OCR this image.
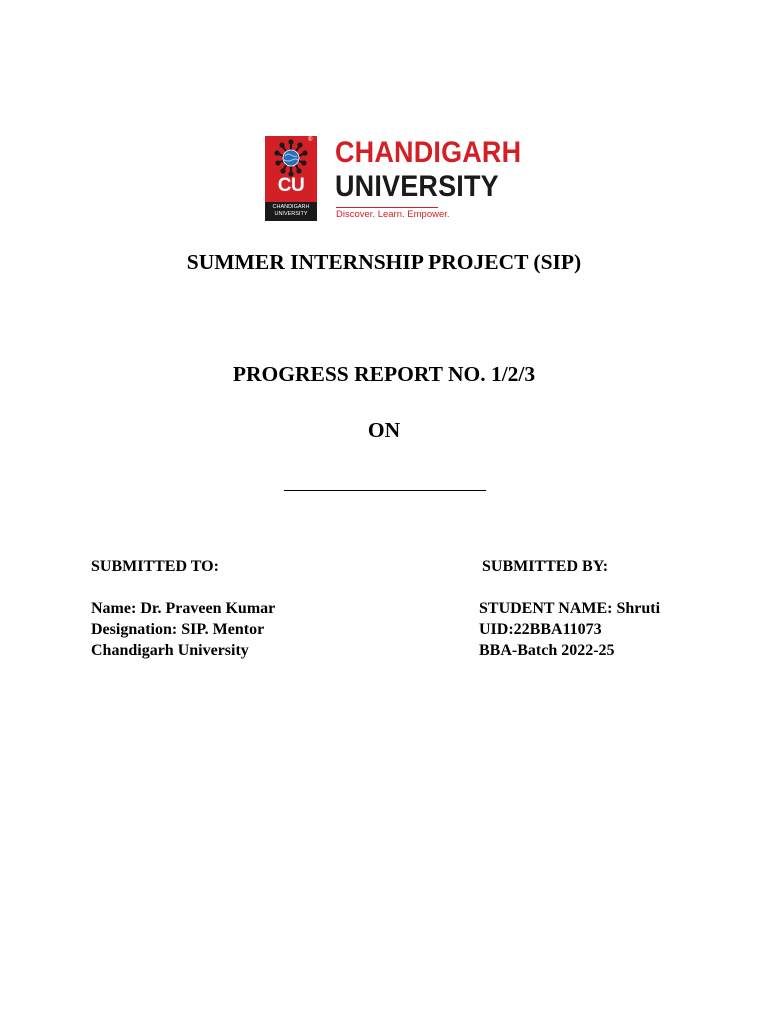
®
CU
CHANDIGARH
UNIVERSITY
CHANDIGARH
UNIVERSITY
Discover. Learn. Empower.
SUMMER INTERNSHIP PROJECT (SIP)
PROGRESS REPORT NO. 1/2/3
ON

SUBMITTED TO:

Name: Dr. Praveen Kumar

Designation: SIP. Mentor

Chandigarh University

SUBMITTED BY:

STUDENT NAME: Shruti

UID:22BBA11073

BBA-Batch 2022-25
